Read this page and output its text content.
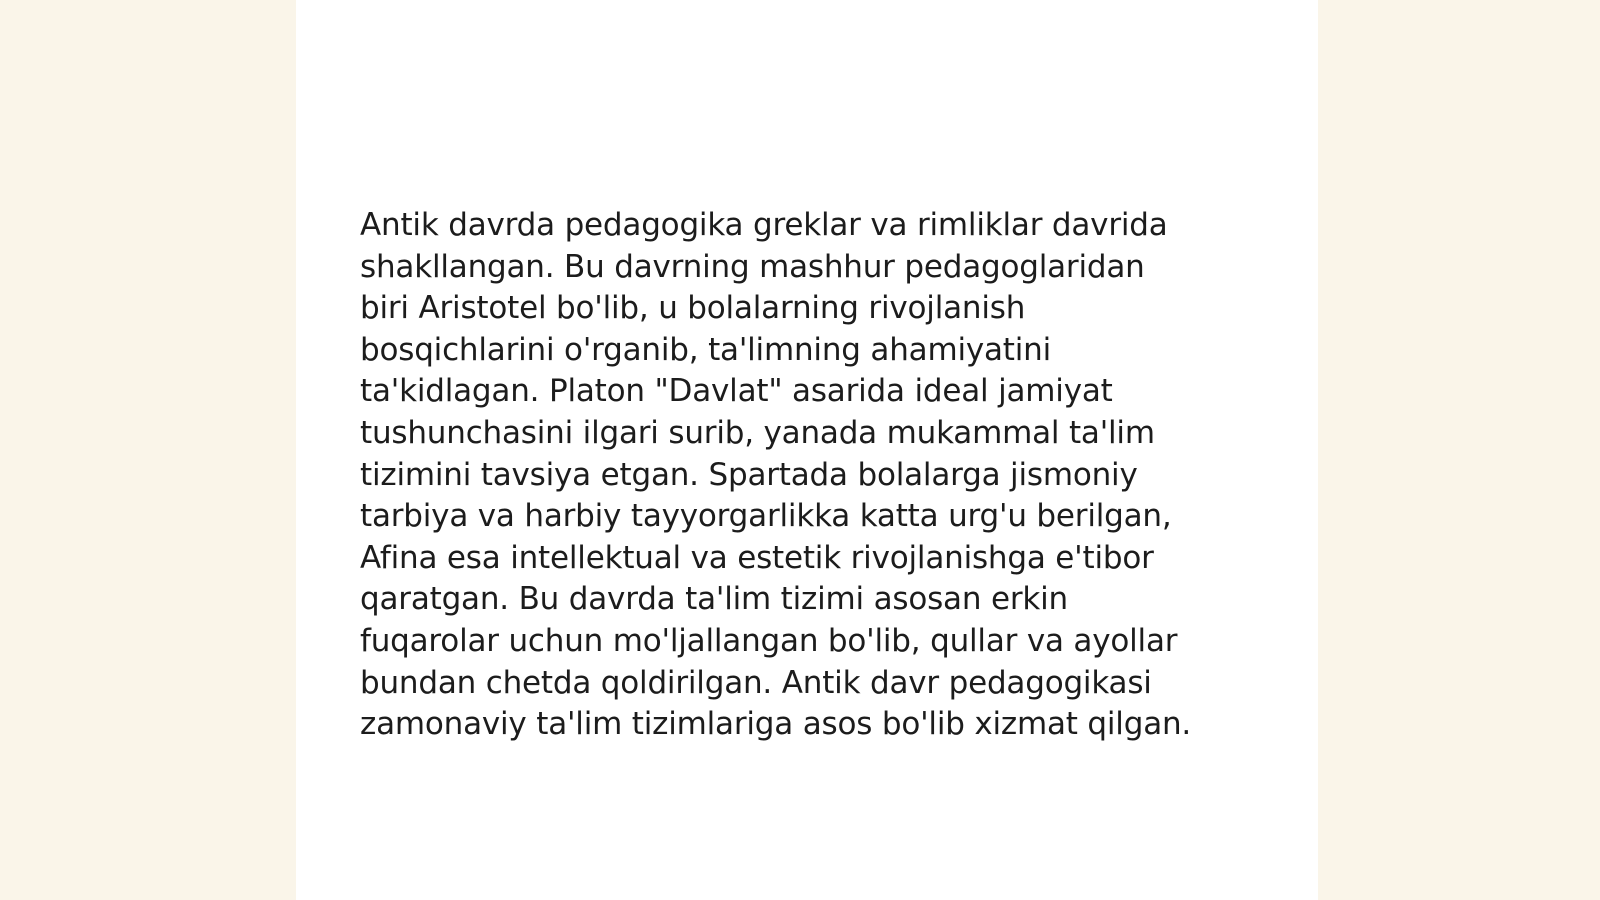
Antik davrda pedagogika greklar va rimliklar davrida
shakllangan. Bu davrning mashhur pedagoglaridan
biri Aristotel bo'lib, u bolalarning rivojlanish
bosqichlarini o'rganib, ta'limning ahamiyatini
ta'kidlagan. Platon "Davlat" asarida ideal jamiyat
tushunchasini ilgari surib, yanada mukammal ta'lim
tizimini tavsiya etgan. Spartada bolalarga jismoniy
tarbiya va harbiy tayyorgarlikka katta urg'u berilgan,
Afina esa intellektual va estetik rivojlanishga e'tibor
qaratgan. Bu davrda ta'lim tizimi asosan erkin
fuqarolar uchun mo'ljallangan bo'lib, qullar va ayollar
bundan chetda qoldirilgan. Antik davr pedagogikasi
zamonaviy ta'lim tizimlariga asos bo'lib xizmat qilgan.
